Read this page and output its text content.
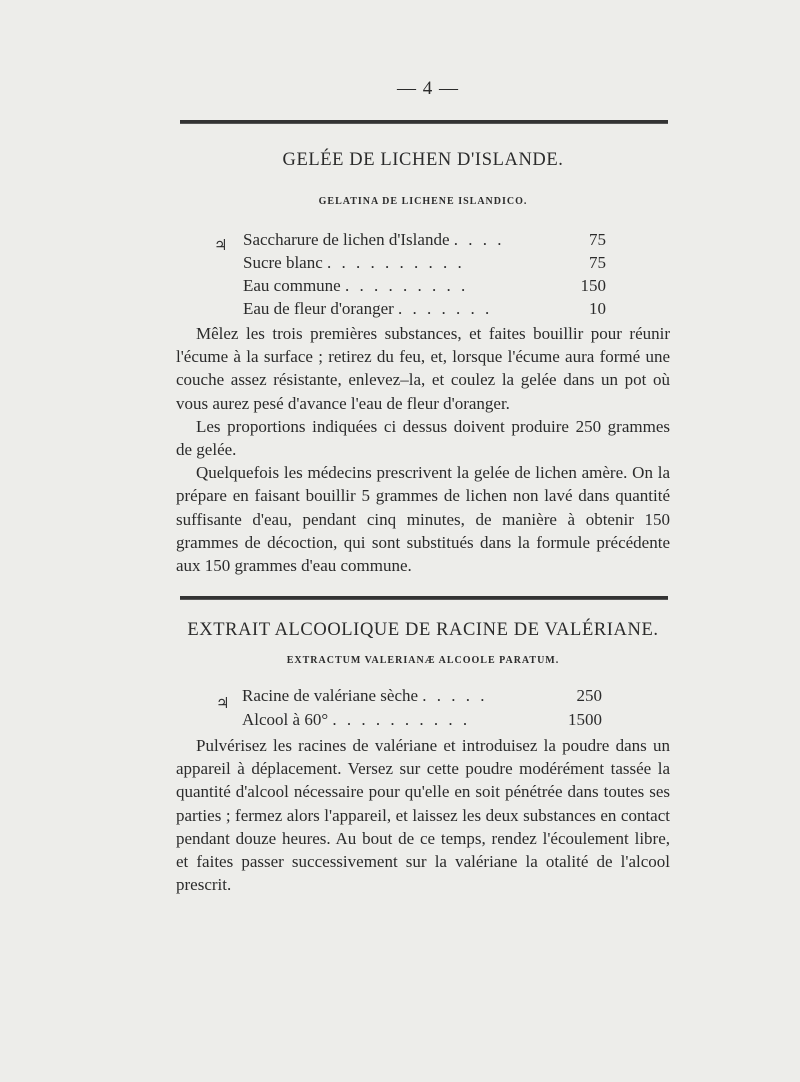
— 4 —
GELÉE DE LICHEN D'ISLANDE.
GELATINA DE LICHENE ISLANDICO.
♃ Saccharure de lichen d'Islande . . . .	75
Sucre blanc . . . . . . . . . .	75
Eau commune . . . . . . . . .	150
Eau de fleur d'oranger . . . . . . .	10

Mêlez les trois premières substances, et faites bouillir pour réunir l'écume à la surface ; retirez du feu, et, lorsque l'écume aura formé une couche assez résistante, enlevez–la, et coulez la gelée dans un pot où vous aurez pesé d'avance l'eau de fleur d'oranger.

Les proportions indiquées ci dessus doivent produire 250 grammes de gelée.

Quelquefois les médecins prescrivent la gelée de lichen amère. On la prépare en faisant bouillir 5 grammes de lichen non lavé dans quantité suffisante d'eau, pendant cinq minutes, de manière à obtenir 150 grammes de décoction, qui sont substitués dans la formule précédente aux 150 grammes d'eau commune.

EXTRAIT ALCOOLIQUE DE RACINE DE VALÉRIANE.
EXTRACTUM VALERIANÆ ALCOOLE PARATUM.
♃ Racine de valériane sèche . . . . .	250
Alcool à 60° . . . . . . . . . .	1500

Pulvérisez les racines de valériane et introduisez la poudre dans un appareil à déplacement. Versez sur cette poudre modérément tassée la quantité d'alcool nécessaire pour qu'elle en soit pénétrée dans toutes ses parties ; fermez alors l'appareil, et laissez les deux substances en contact pendant douze heures. Au bout de ce temps, rendez l'écoulement libre, et faites passer successivement sur la valériane la otalité de l'alcool prescrit.
